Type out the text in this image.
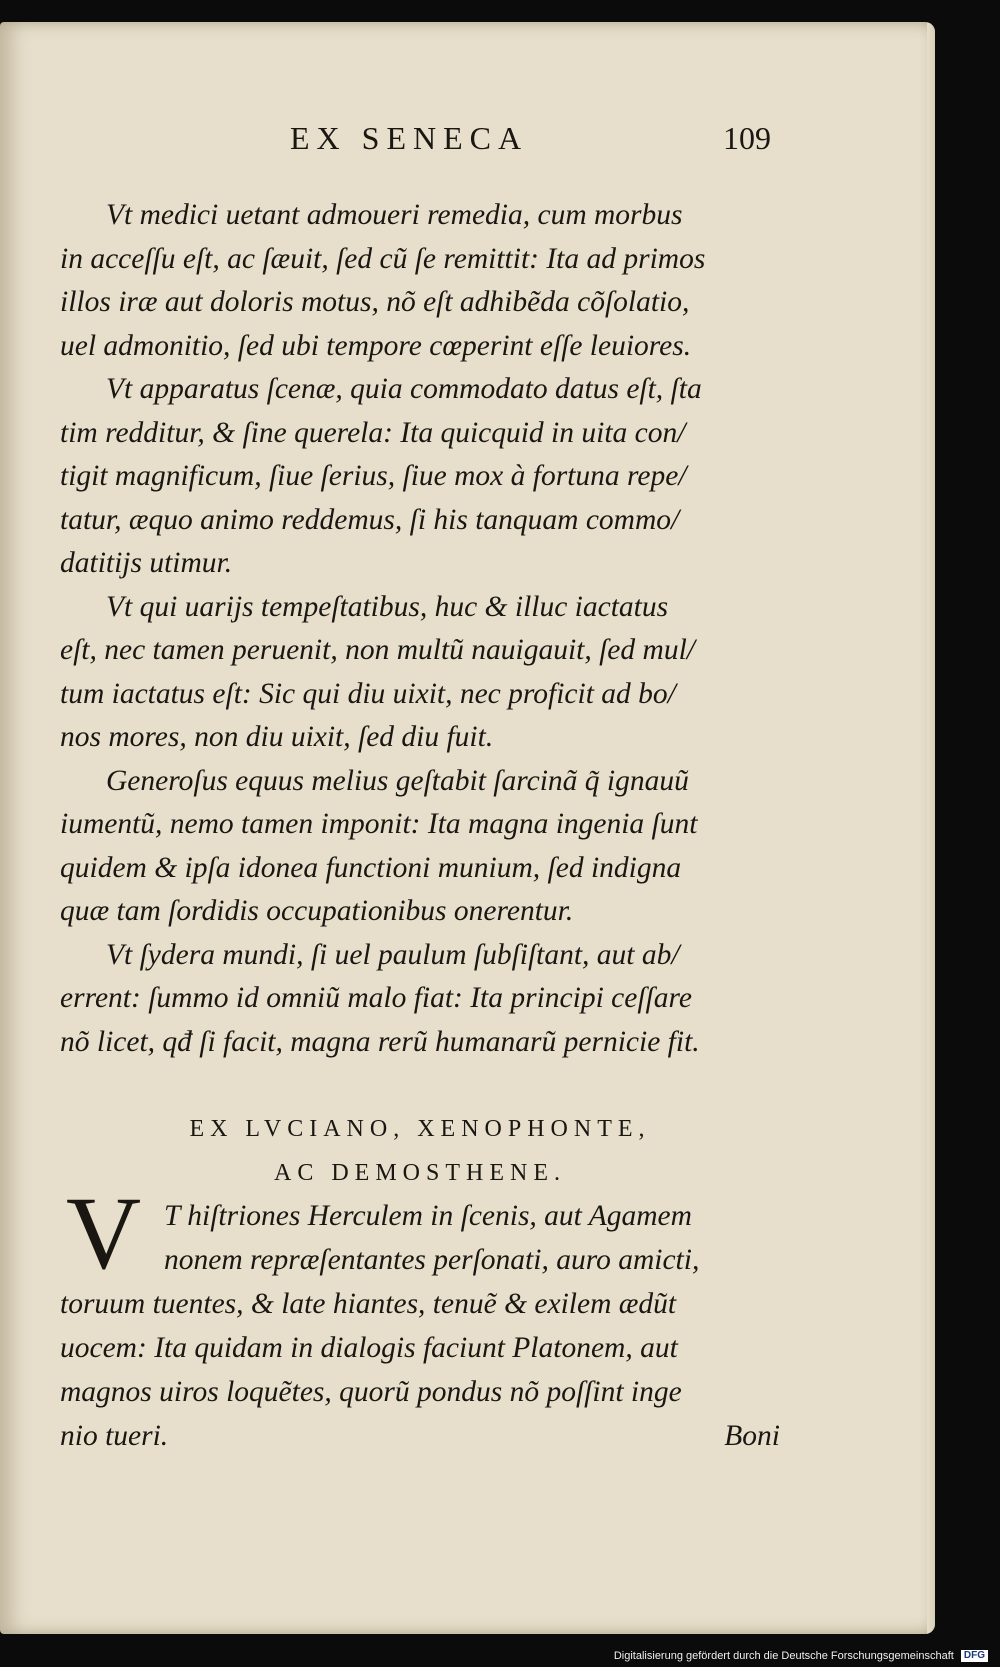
EX SENECA	109
Vt medici uetant admoueri remedia, cum morbus
in acceſſu eſt, ac ſæuit, ſed cũ ſe remittit: Ita ad primos
illos iræ aut doloris motus, nõ eſt adhibẽda cõſolatio,
uel admonitio, ſed ubi tempore cœperint eſſe leuiores.
Vt apparatus ſcenæ, quia commodato datus eſt, ſta
tim redditur, & ſine querela: Ita quicquid in uita con/
tigit magnificum, ſiue ſerius, ſiue mox à fortuna repe/
tatur, æquo animo reddemus, ſi his tanquam commo/
datitijs utimur.
Vt qui uarijs tempeſtatibus, huc & illuc iactatus
eſt, nec tamen peruenit, non multũ nauigauit, ſed mul/
tum iactatus eſt: Sic qui diu uixit, nec proficit ad bo/
nos mores, non diu uixit, ſed diu fuit.
Generoſus equus melius geſtabit ſarcinã q̃ ignauũ
iumentũ, nemo tamen imponit: Ita magna ingenia ſunt
quidem & ipſa idonea functioni munium, ſed indigna
quæ tam ſordidis occupationibus onerentur.
Vt ſydera mundi, ſi uel paulum ſubſiſtant, aut ab/
errent: ſummo id omniũ malo fiat: Ita principi ceſſare
nõ licet, qđ ſi facit, magna rerũ humanarũ pernicie fit.
EX LVCIANO, XENOPHONTE,
AC DEMOSTHENE.
V T hiſtriones Herculem in ſcenis, aut Agamem
nonem repræſentantes perſonati, auro amicti,
toruum tuentes, & late hiantes, tenuẽ & exilem ædũt
uocem: Ita quidam in dialogis faciunt Platonem, aut
magnos uiros loquẽtes, quorũ pondus nõ poſſint inge
nio tueri.	Boni
Digitalisierung gefördert durch die Deutsche Forschungsgemeinschaft DFG
